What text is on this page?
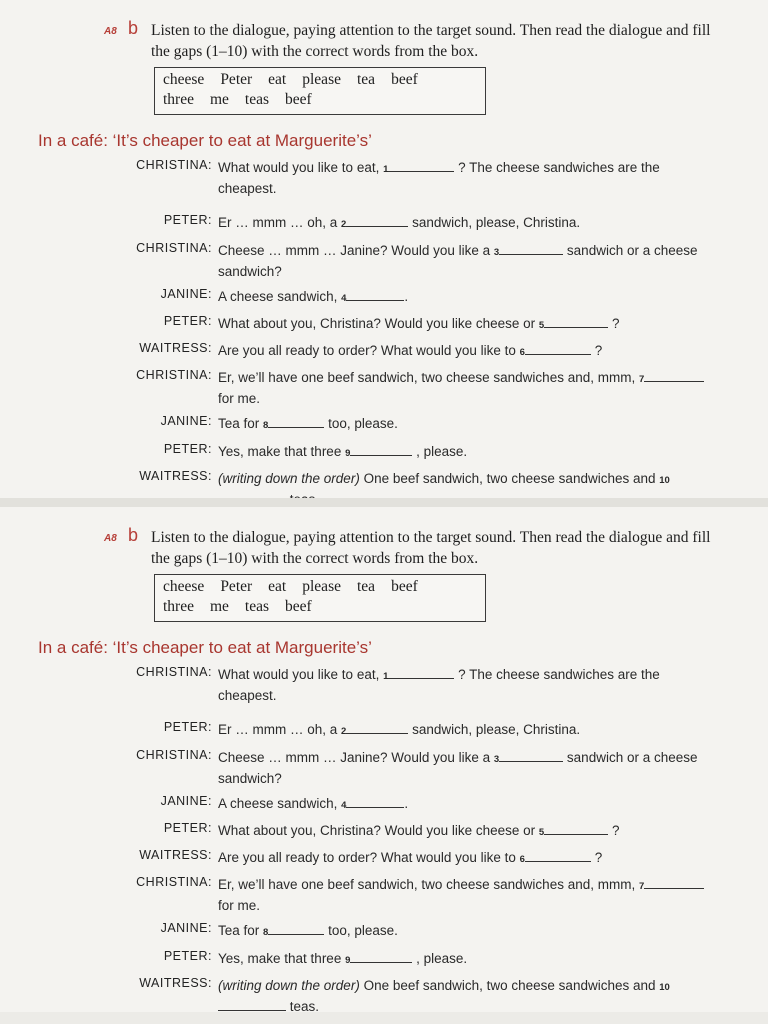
A8 b Listen to the dialogue, paying attention to the target sound. Then read the dialogue and fill the gaps (1–10) with the correct words from the box.
cheese Peter eat please tea beef
three me teas beef
In a café: ‘It’s cheaper to eat at Marguerite’s’
CHRISTINA: What would you like to eat, 1	? The cheese sandwiches are the cheapest.
PETER: Er … mmm … oh, a 2	sandwich, please, Christina.
CHRISTINA: Cheese … mmm … Janine? Would you like a 3	sandwich or a cheese sandwich?
JANINE: A cheese sandwich, 4	.
PETER: What about you, Christina? Would you like cheese or 5	?
WAITRESS: Are you all ready to order? What would you like to 6	?
CHRISTINA: Er, we’ll have one beef sandwich, two cheese sandwiches and, mmm, 7 for me.
JANINE: Tea for 8	too, please.
PETER: Yes, make that three 9	, please.
WAITRESS: (writing down the order) One beef sandwich, two cheese sandwiches and 10
A8 b Listen to the dialogue, paying attention to the target sound. Then read the dialogue and fill the gaps (1–10) with the correct words from the box.
cheese Peter eat please tea beef
three me teas beef
In a café: ‘It’s cheaper to eat at Marguerite’s’
CHRISTINA: What would you like to eat, 1	? The cheese sandwiches are the cheapest.
PETER: Er … mmm … oh, a 2	sandwich, please, Christina.
CHRISTINA: Cheese … mmm … Janine? Would you like a 3	sandwich or a cheese sandwich?
JANINE: A cheese sandwich, 4	.
PETER: What about you, Christina? Would you like cheese or 5	?
WAITRESS: Are you all ready to order? What would you like to 6	?
CHRISTINA: Er, we’ll have one beef sandwich, two cheese sandwiches and, mmm, 7 for me.
JANINE: Tea for 8	too, please.
PETER: Yes, make that three 9	, please.
WAITRESS: (writing down the order) One beef sandwich, two cheese sandwiches and 10 teas.
